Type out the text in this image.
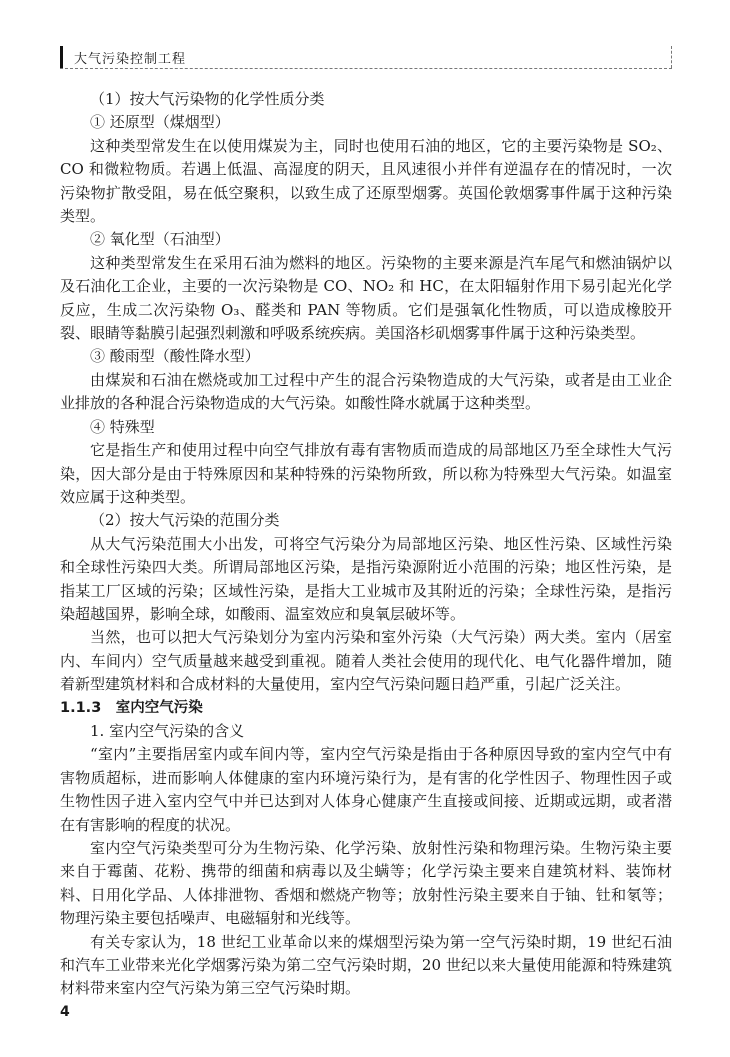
大气污染控制工程

（1）按大气污染物的化学性质分类

① 还原型（煤烟型）

这种类型常发生在以使用煤炭为主，同时也使用石油的地区，它的主要污染物是 SO₂、CO 和微粒物质。若遇上低温、高湿度的阴天，且风速很小并伴有逆温存在的情况时，一次污染物扩散受阻，易在低空聚积，以致生成了还原型烟雾。英国伦敦烟雾事件属于这种污染类型。

② 氧化型（石油型）

这种类型常发生在采用石油为燃料的地区。污染物的主要来源是汽车尾气和燃油锅炉以及石油化工企业，主要的一次污染物是 CO、NO₂ 和 HC，在太阳辐射作用下易引起光化学反应，生成二次污染物 O₃、醛类和 PAN 等物质。它们是强氧化性物质，可以造成橡胶开裂、眼睛等黏膜引起强烈刺激和呼吸系统疾病。美国洛杉矶烟雾事件属于这种污染类型。

③ 酸雨型（酸性降水型）

由煤炭和石油在燃烧或加工过程中产生的混合污染物造成的大气污染，或者是由工业企业排放的各种混合污染物造成的大气污染。如酸性降水就属于这种类型。

④ 特殊型

它是指生产和使用过程中向空气排放有毒有害物质而造成的局部地区乃至全球性大气污染，因大部分是由于特殊原因和某种特殊的污染物所致，所以称为特殊型大气污染。如温室效应属于这种类型。

（2）按大气污染的范围分类

从大气污染范围大小出发，可将空气污染分为局部地区污染、地区性污染、区域性污染和全球性污染四大类。所谓局部地区污染，是指污染源附近小范围的污染；地区性污染，是指某工厂区域的污染；区域性污染，是指大工业城市及其附近的污染；全球性污染，是指污染超越国界，影响全球，如酸雨、温室效应和臭氧层破坏等。

当然，也可以把大气污染划分为室内污染和室外污染（大气污染）两大类。室内（居室内、车间内）空气质量越来越受到重视。随着人类社会使用的现代化、电气化器件增加，随着新型建筑材料和合成材料的大量使用，室内空气污染问题日趋严重，引起广泛关注。

1.1.3　室内空气污染

1. 室内空气污染的含义

“室内”主要指居室内或车间内等，室内空气污染是指由于各种原因导致的室内空气中有害物质超标，进而影响人体健康的室内环境污染行为，是有害的化学性因子、物理性因子或生物性因子进入室内空气中并已达到对人体身心健康产生直接或间接、近期或远期，或者潜在有害影响的程度的状况。

室内空气污染类型可分为生物污染、化学污染、放射性污染和物理污染。生物污染主要来自于霉菌、花粉、携带的细菌和病毒以及尘螨等；化学污染主要来自建筑材料、装饰材料、日用化学品、人体排泄物、香烟和燃烧产物等；放射性污染主要来自于铀、钍和氡等；物理污染主要包括噪声、电磁辐射和光线等。

有关专家认为，18 世纪工业革命以来的煤烟型污染为第一空气污染时期，19 世纪石油和汽车工业带来光化学烟雾污染为第二空气污染时期，20 世纪以来大量使用能源和特殊建筑材料带来室内空气污染为第三空气污染时期。

4
